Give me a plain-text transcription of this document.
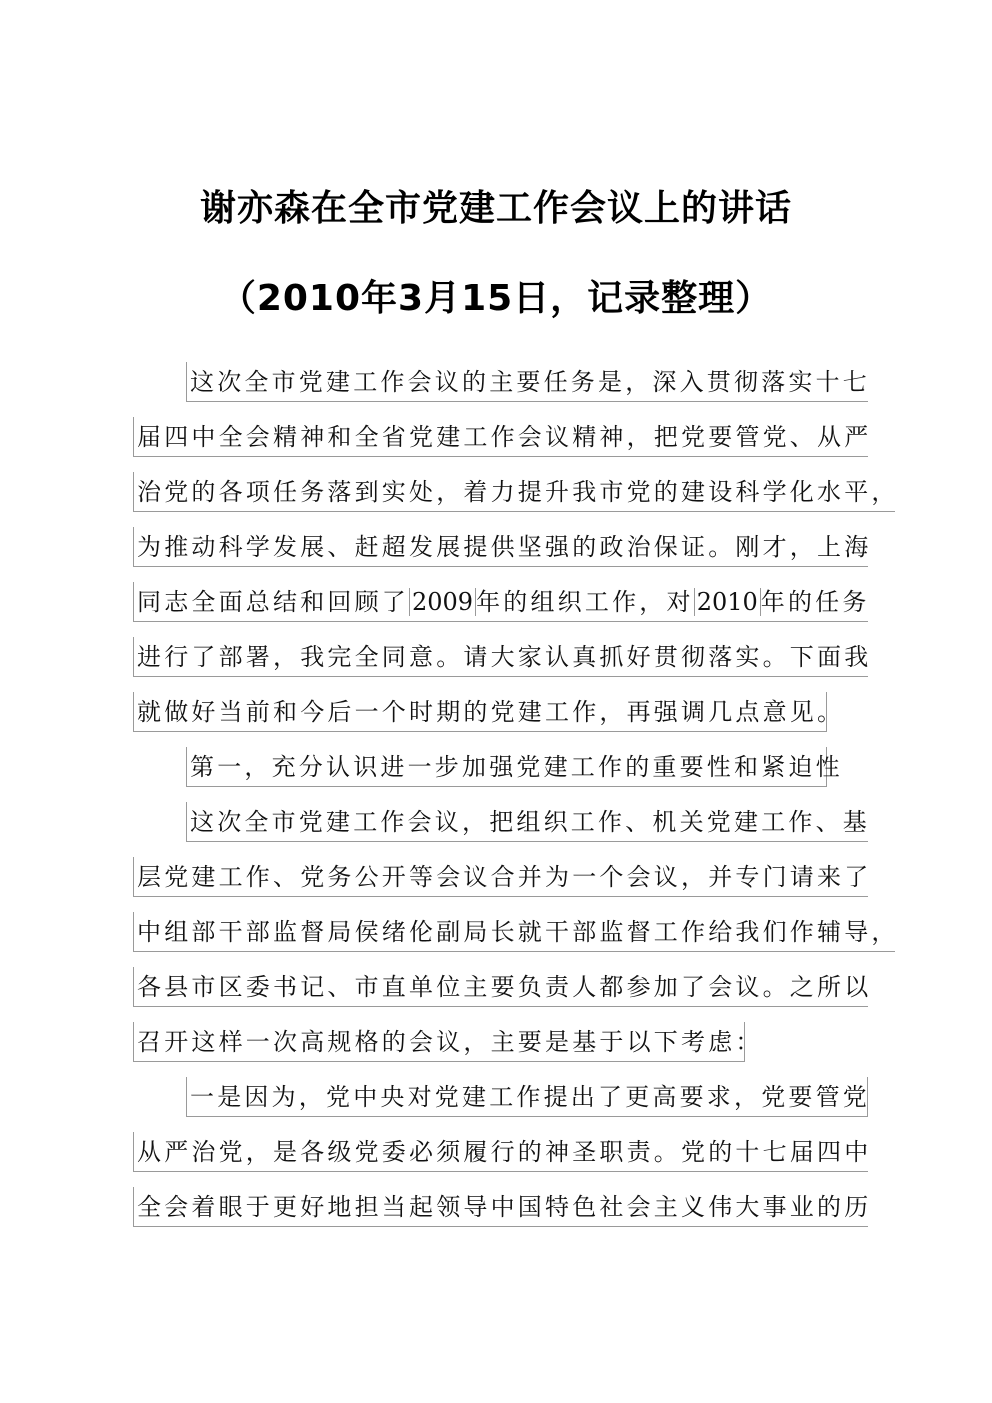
谢亦森在全市党建工作会议上的讲话
（2010年3月15日，记录整理）
这次全市党建工作会议的主要任务是，深入贯彻落实十七
届四中全会精神和全省党建工作会议精神，把党要管党、从严
治党的各项任务落到实处，着力提升我市党的建设科学化水平，
为推动科学发展、赶超发展提供坚强的政治保证。刚才，上海
同志全面总结和回顾了 2009 年的组织工作，对 2010 年的任务
进行了部署，我完全同意。请大家认真抓好贯彻落实。下面我
就做好当前和今后一个时期的党建工作，再强调几点意见。
第一，充分认识进一步加强党建工作的重要性和紧迫性
这次全市党建工作会议，把组织工作、机关党建工作、基
层党建工作、党务公开等会议合并为一个会议，并专门请来了
中组部干部监督局侯绪伦副局长就干部监督工作给我们作辅导，
各县市区委书记、市直单位主要负责人都参加了会议。之所以
召开这样一次高规格的会议，主要是基于以下考虑：
一是因为，党中央对党建工作提出了更高要求，党要管党
从严治党，是各级党委必须履行的神圣职责。党的十七届四中
全会着眼于更好地担当起领导中国特色社会主义伟大事业的历
